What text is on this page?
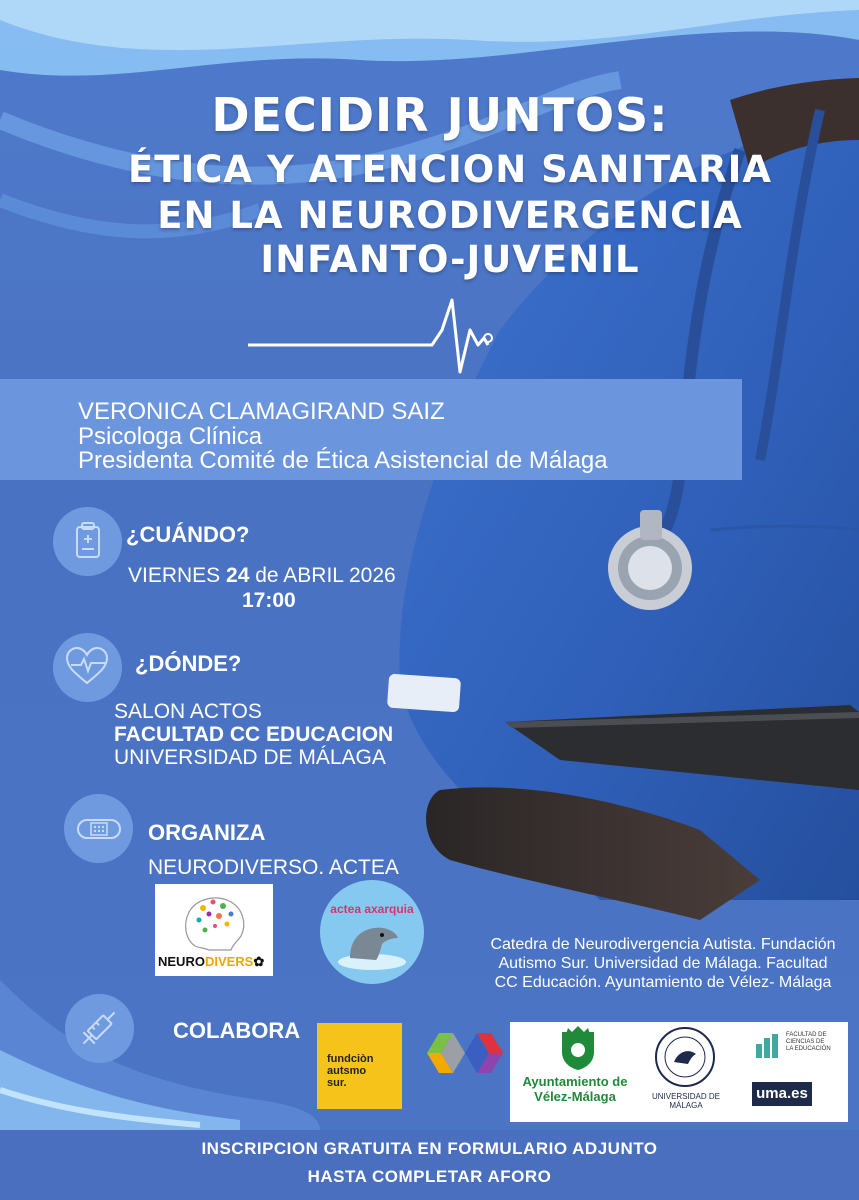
DECIDIR JUNTOS:
ÉTICA Y ATENCION SANITARIA
EN LA NEURODIVERGENCIA
INFANTO-JUVENIL
VERONICA CLAMAGIRAND SAIZ
Psicologa Clínica
Presidenta Comité de Ética Asistencial de Málaga
¿CUÁNDO?
VIERNES 24 de ABRIL 2026
17:00
¿DÓNDE?
SALON ACTOS
FACULTAD CC EDUCACION
UNIVERSIDAD DE MÁLAGA
ORGANIZA
NEURODIVERSO. ACTEA
NEURODIVERS✿
actea axarquia
Catedra de Neurodivergencia Autista. Fundación Autismo Sur. Universidad de Málaga. Facultad CC Educación. Ayuntamiento de Vélez- Málaga
COLABORA
fundciòn
autsmo
sur.	Ayuntamiento de
Vélez-Málaga	UNIVERSIDAD DE MÁLAGA
FACULTAD DE
CIENCIAS DE
LA EDUCACIÓN
uma.es
INSCRIPCION GRATUITA EN FORMULARIO ADJUNTO
HASTA COMPLETAR AFORO
